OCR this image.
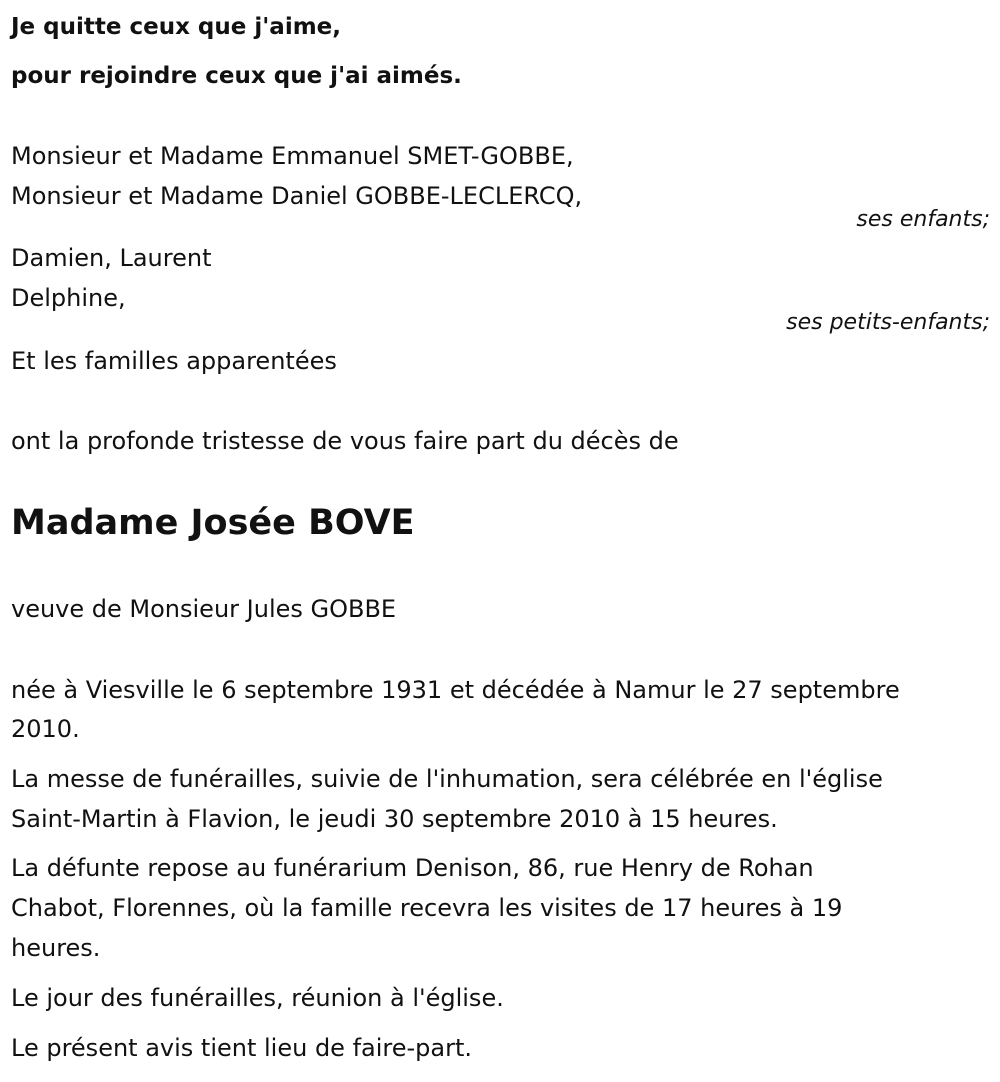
Je quitte ceux que j'aime,

pour rejoindre ceux que j'ai aimés.

Monsieur et Madame Emmanuel SMET-GOBBE,

Monsieur et Madame Daniel GOBBE-LECLERCQ,

ses enfants;

Damien, Laurent

Delphine,

ses petits-enfants;

Et les familles apparentées

ont la profonde tristesse de vous faire part du décès de

Madame Josée BOVE

veuve de Monsieur Jules GOBBE

née à Viesville le 6 septembre 1931 et décédée à Namur le 27 septembre

2010.

La messe de funérailles, suivie de l'inhumation, sera célébrée en l'église

Saint-Martin à Flavion, le jeudi 30 septembre 2010 à 15 heures.

La défunte repose au funérarium Denison, 86, rue Henry de Rohan

Chabot, Florennes, où la famille recevra les visites de 17 heures à 19

heures.

Le jour des funérailles, réunion à l'église.

Le présent avis tient lieu de faire-part.
